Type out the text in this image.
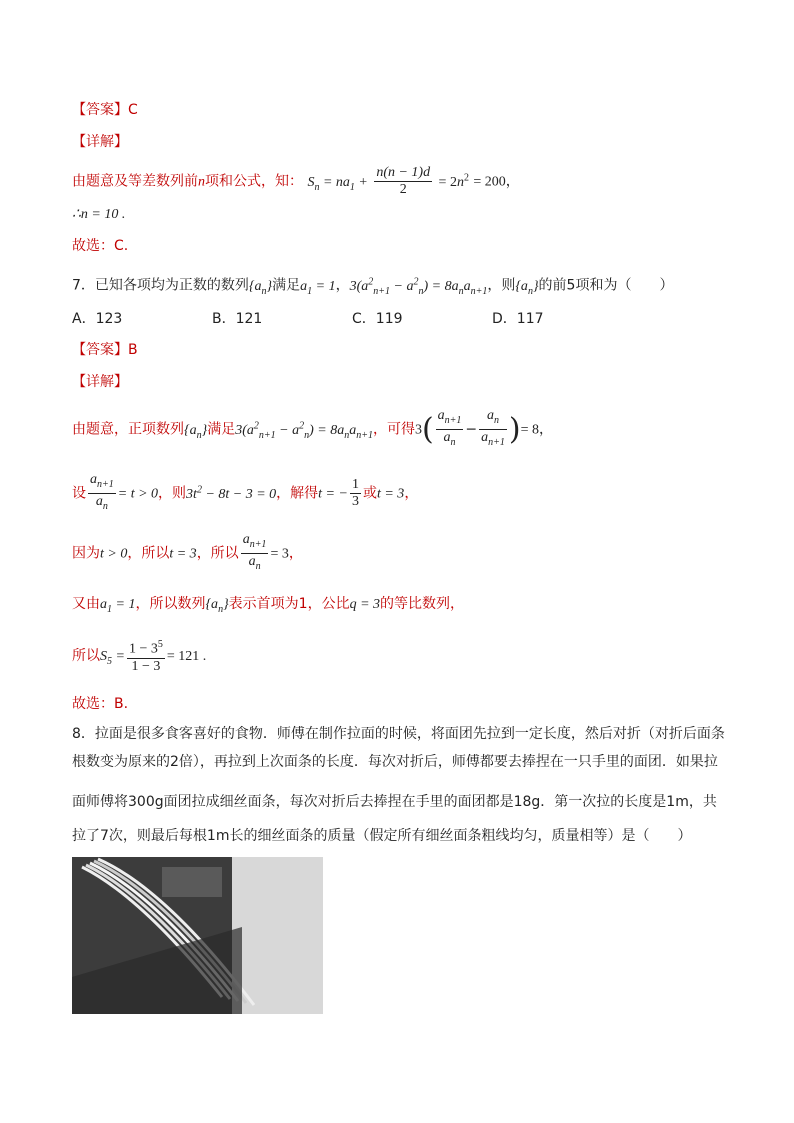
【答案】C
【详解】
由题意及等差数列前n项和公式，知： $S_n = na_1 + \frac{n(n - 1)d}{2} = 2n^2 = 200$，
∴n = 10 .
故选：C.
7．已知各项均为正数的数列$\{a_n\}$满足$a_1 = 1$，$3(a^2_{n+1} - a^2_n) = 8a_na_{n+1}$，则$\{a_n\}$的前5项和为（　　）
A．123	B．121	C．119	D．117
【答案】B
【详解】
由题意，正项数列$\{a_n\}$满足$3(a^2_{n+1} - a^2_n) = 8a_na_{n+1}$，可得$3( \frac{a_{n+1}}{a_n} - \frac{a_n}{a_{n+1}}$ )= 8，
设 $\frac{a_{n+1}}{a_n} = t > 0$，则$3t^2 - 8t - 3 = 0$，解得t = − $\frac{1}{3}$ 或t = 3，
因为t > 0，所以t = 3，所以 $\frac{a_{n+1}}{a_n} = 3$，
又由$a_1 = 1$，所以数列$\{a_n\}$表示首项为1，公比q = 3的等比数列，
所以$S_5 = \frac{1 - 3^5}{1 - 3} = 121$ .
故选：B.
8．拉面是很多食客喜好的食物．师傅在制作拉面的时候，将面团先拉到一定长度，然后对折（对折后面条
根数变为原来的2倍），再拉到上次面条的长度．每次对折后，师傅都要去捧捏在一只手里的面团．如果拉
面师傅将300g面团拉成细丝面条，每次对折后去捧捏在手里的面团都是18g．第一次拉的长度是1m，共
拉了7次，则最后每根1m长的细丝面条的质量（假定所有细丝面条粗线均匀，质量相等）是（　　）
